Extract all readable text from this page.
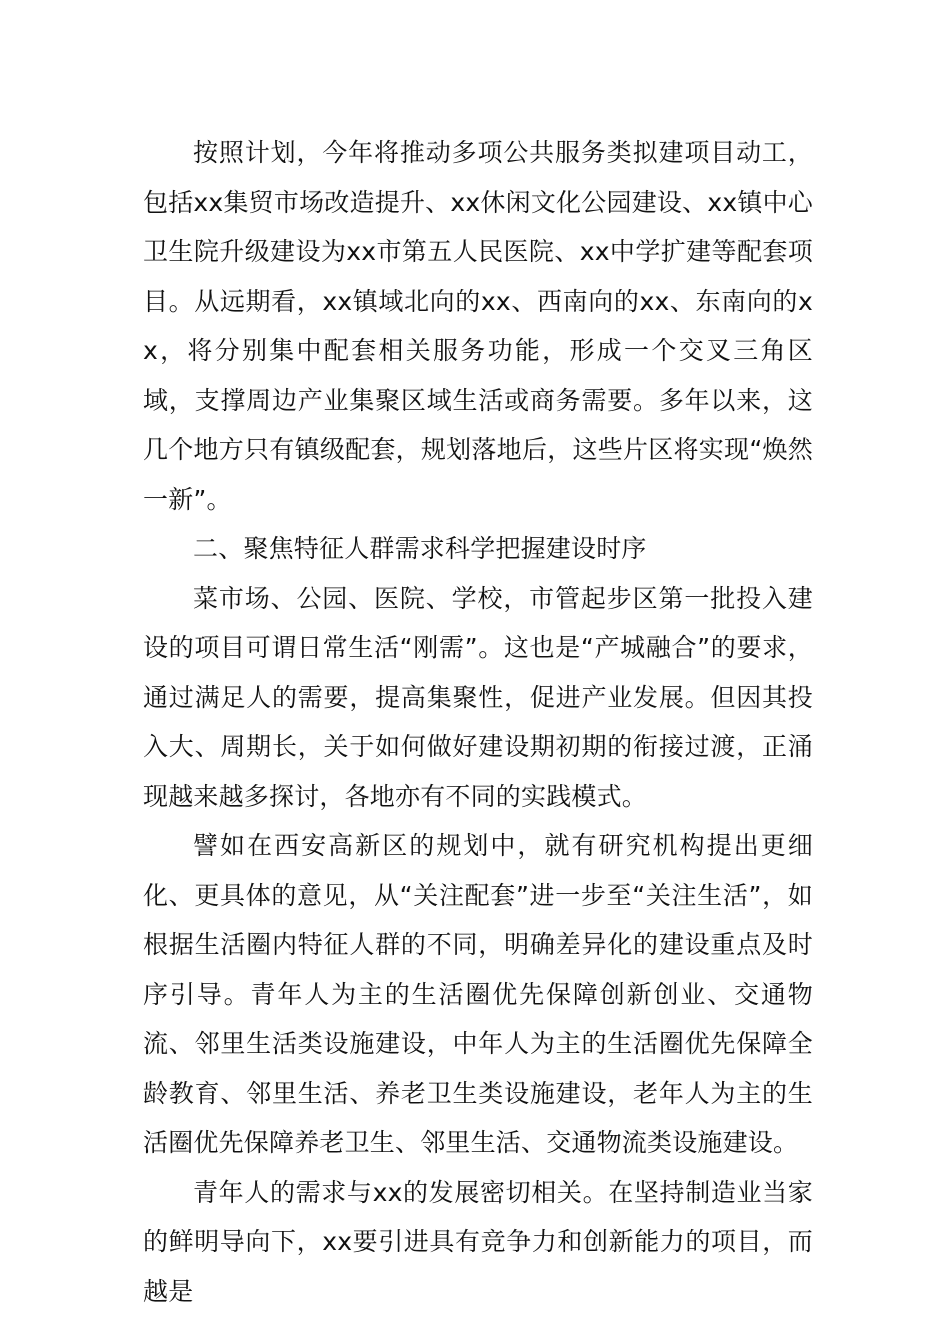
按照计划，今年将推动多项公共服务类拟建项目动工，包括xx集贸市场改造提升、xx休闲文化公园建设、xx镇中心卫生院升级建设为xx市第五人民医院、xx中学扩建等配套项目。从远期看，xx镇域北向的xx、西南向的xx、东南向的xx，将分别集中配套相关服务功能，形成一个交叉三角区域，支撑周边产业集聚区域生活或商务需要。多年以来，这几个地方只有镇级配套，规划落地后，这些片区将实现“焕然一新”。

二、聚焦特征人群需求科学把握建设时序

菜市场、公园、医院、学校，市管起步区第一批投入建设的项目可谓日常生活“刚需”。这也是“产城融合”的要求，通过满足人的需要，提高集聚性，促进产业发展。但因其投入大、周期长，关于如何做好建设期初期的衔接过渡，正涌现越来越多探讨，各地亦有不同的实践模式。

譬如在西安高新区的规划中，就有研究机构提出更细化、更具体的意见，从“关注配套”进一步至“关注生活”，如根据生活圈内特征人群的不同，明确差异化的建设重点及时序引导。青年人为主的生活圈优先保障创新创业、交通物流、邻里生活类设施建设，中年人为主的生活圈优先保障全龄教育、邻里生活、养老卫生类设施建设，老年人为主的生活圈优先保障养老卫生、邻里生活、交通物流类设施建设。

青年人的需求与xx的发展密切相关。在坚持制造业当家的鲜明导向下，xx要引进具有竞争力和创新能力的项目，而越是
